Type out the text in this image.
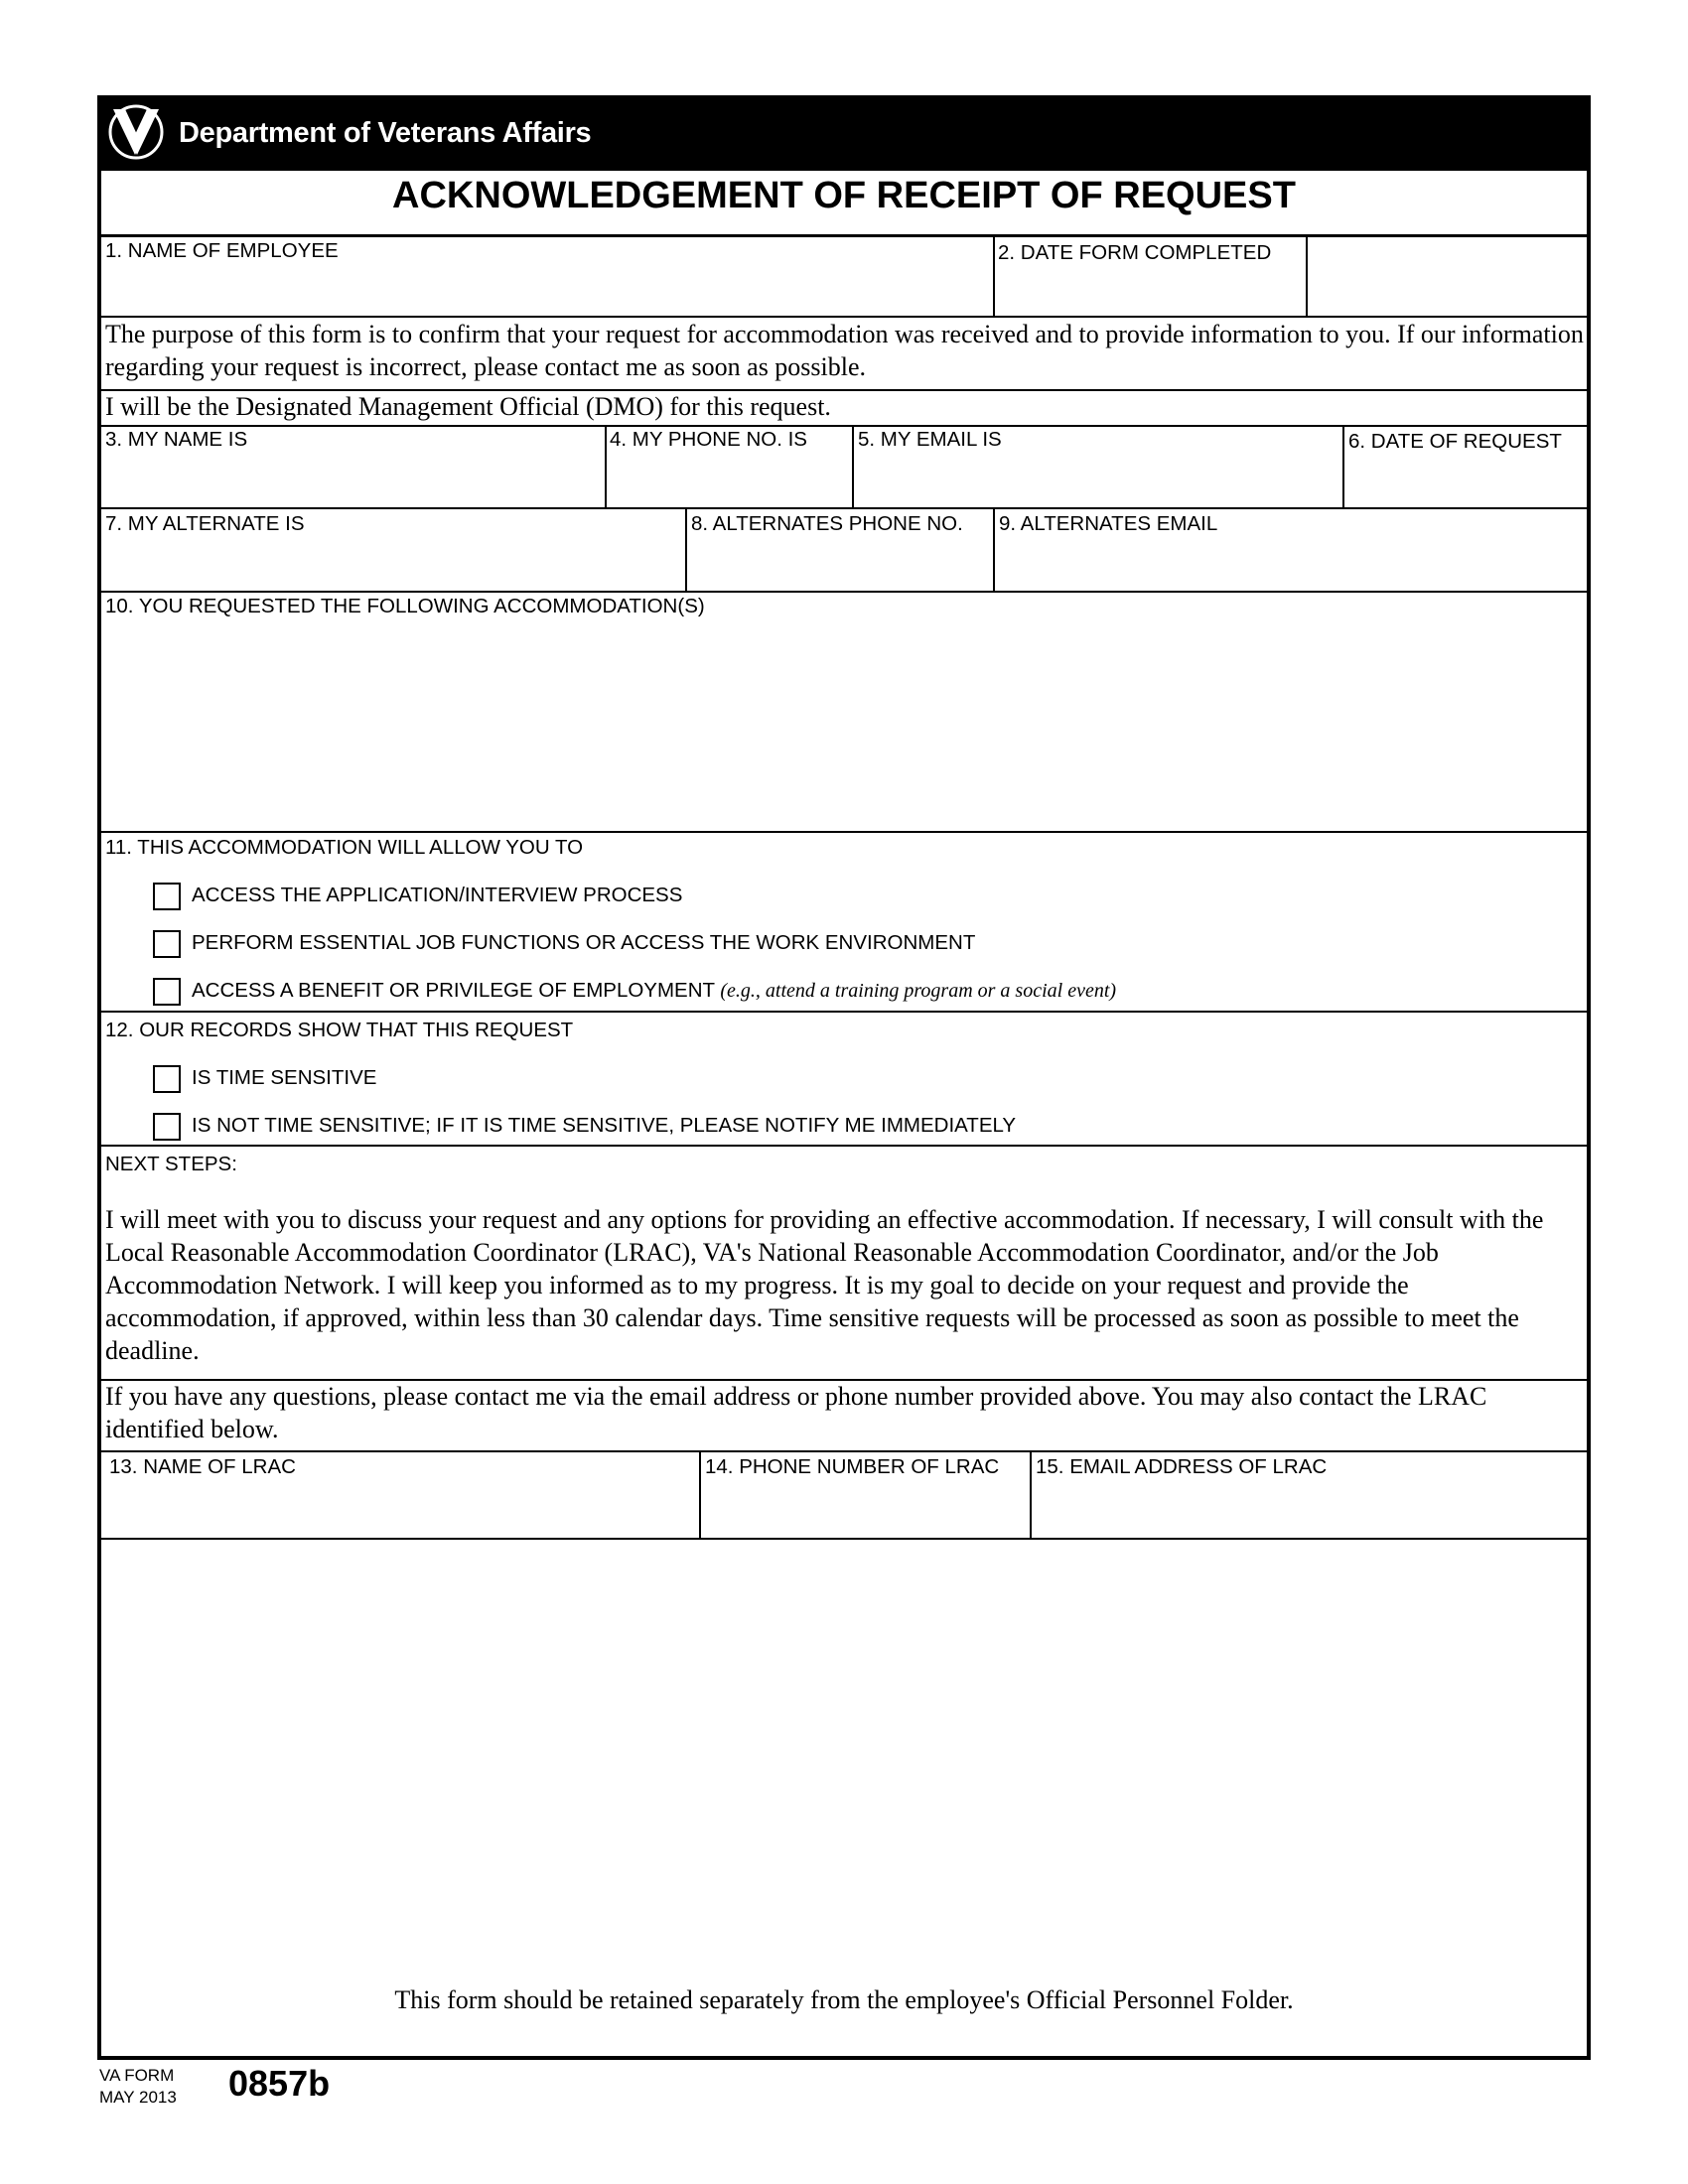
Department of Veterans Affairs
ACKNOWLEDGEMENT OF RECEIPT OF REQUEST
1. NAME OF EMPLOYEE	2. DATE FORM COMPLETED
The purpose of this form is to confirm that your request for accommodation was received and to provide information to you. If our information regarding your request is incorrect, please contact me as soon as possible.
I will be the Designated Management Official (DMO) for this request.
3. MY NAME IS	4. MY PHONE NO. IS 5. MY EMAIL IS	6. DATE OF REQUEST
7. MY ALTERNATE IS	8. ALTERNATES PHONE NO. 9. ALTERNATES EMAIL
10. YOU REQUESTED THE FOLLOWING ACCOMMODATION(S)
11. THIS ACCOMMODATION WILL ALLOW YOU TO
ACCESS THE APPLICATION/INTERVIEW PROCESS
PERFORM ESSENTIAL JOB FUNCTIONS OR ACCESS THE WORK ENVIRONMENT
ACCESS A BENEFIT OR PRIVILEGE OF EMPLOYMENT (e.g., attend a training program or a social event)
12. OUR RECORDS SHOW THAT THIS REQUEST
IS TIME SENSITIVE
IS NOT TIME SENSITIVE; IF IT IS TIME SENSITIVE, PLEASE NOTIFY ME IMMEDIATELY
NEXT STEPS:
I will meet with you to discuss your request and any options for providing an effective accommodation. If necessary, I will consult with the Local Reasonable Accommodation Coordinator (LRAC), VA's National Reasonable Accommodation Coordinator, and/or the Job Accommodation Network. I will keep you informed as to my progress. It is my goal to decide on your request and provide the accommodation, if approved, within less than 30 calendar days. Time sensitive requests will be processed as soon as possible to meet the deadline.
If you have any questions, please contact me via the email address or phone number provided above. You may also contact the LRAC identified below.
13. NAME OF LRAC	14. PHONE NUMBER OF LRAC 15. EMAIL ADDRESS OF LRAC
This form should be retained separately from the employee's Official Personnel Folder.
VA FORM
MAY 2013 0857b
